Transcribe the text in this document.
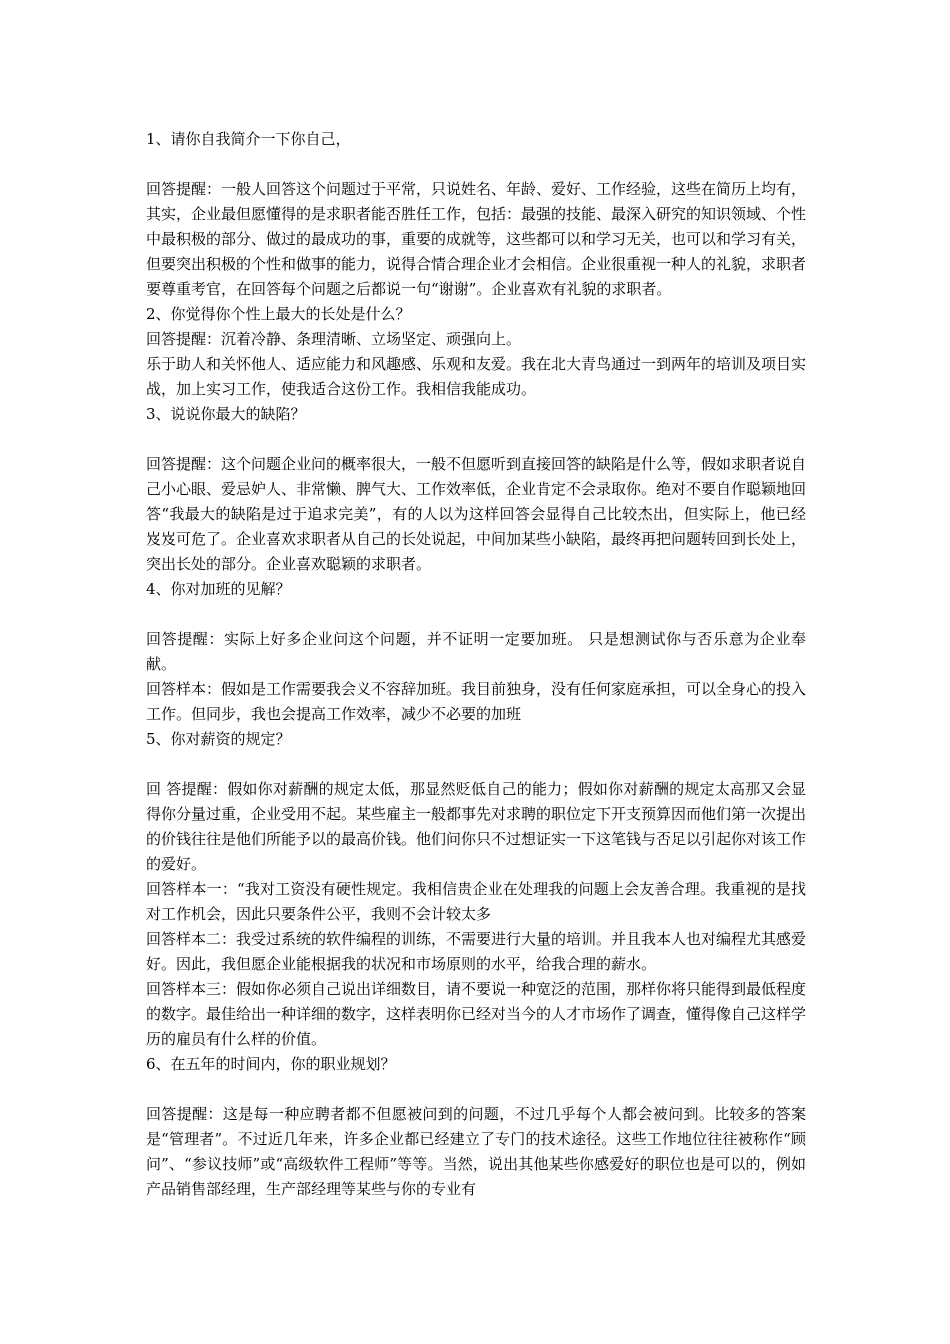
1、请你自我简介一下你自己，

回答提醒：一般人回答这个问题过于平常，只说姓名、年龄、爱好、工作经验，这些在简历上均有，其实，企业最但愿懂得的是求职者能否胜任工作，包括：最强的技能、最深入研究的知识领域、个性中最积极的部分、做过的最成功的事，重要的成就等，这些都可以和学习无关，也可以和学习有关，但要突出积极的个性和做事的能力，说得合情合理企业才会相信。企业很重视一种人的礼貌，求职者要尊重考官，在回答每个问题之后都说一句“谢谢”。企业喜欢有礼貌的求职者。

2、你觉得你个性上最大的长处是什么？

回答提醒：沉着冷静、条理清晰、立场坚定、顽强向上。

乐于助人和关怀他人、适应能力和风趣感、乐观和友爱。我在北大青鸟通过一到两年的培训及项目实战，加上实习工作，使我适合这份工作。我相信我能成功。

3、说说你最大的缺陷？

回答提醒：这个问题企业问的概率很大，一般不但愿听到直接回答的缺陷是什么等，假如求职者说自己小心眼、爱忌妒人、非常懒、脾气大、工作效率低，企业肯定不会录取你。绝对不要自作聪颖地回答“我最大的缺陷是过于追求完美”，有的人以为这样回答会显得自己比较杰出，但实际上，他已经岌岌可危了。企业喜欢求职者从自己的长处说起，中间加某些小缺陷，最终再把问题转回到长处上，突出长处的部分。企业喜欢聪颖的求职者。

4、你对加班的见解？

回答提醒：实际上好多企业问这个问题，并不证明一定要加班。 只是想测试你与否乐意为企业奉献。

回答样本：假如是工作需要我会义不容辞加班。我目前独身，没有任何家庭承担，可以全身心的投入工作。但同步，我也会提高工作效率，减少不必要的加班

5、你对薪资的规定？

回 答提醒：假如你对薪酬的规定太低，那显然贬低自己的能力；假如你对薪酬的规定太高那又会显得你分量过重，企业受用不起。某些雇主一般都事先对求聘的职位定下开支预算因而他们第一次提出的价钱往往是他们所能予以的最高价钱。他们问你只不过想证实一下这笔钱与否足以引起你对该工作的爱好。

回答样本一：“我对工资没有硬性规定。我相信贵企业在处理我的问题上会友善合理。我重视的是找对工作机会，因此只要条件公平，我则不会计较太多

回答样本二：我受过系统的软件编程的训练，不需要进行大量的培训。并且我本人也对编程尤其感爱好。因此，我但愿企业能根据我的状况和市场原则的水平，给我合理的薪水。

回答样本三：假如你必须自己说出详细数目，请不要说一种宽泛的范围，那样你将只能得到最低程度的数字。最佳给出一种详细的数字，这样表明你已经对当今的人才市场作了调查，懂得像自己这样学历的雇员有什么样的价值。

6、在五年的时间内，你的职业规划？

回答提醒：这是每一种应聘者都不但愿被问到的问题，不过几乎每个人都会被问到。比较多的答案是“管理者”。不过近几年来，许多企业都已经建立了专门的技术途径。这些工作地位往往被称作“顾问”、“参议技师”或“高级软件工程师”等等。当然，说出其他某些你感爱好的职位也是可以的，例如产品销售部经理，生产部经理等某些与你的专业有
